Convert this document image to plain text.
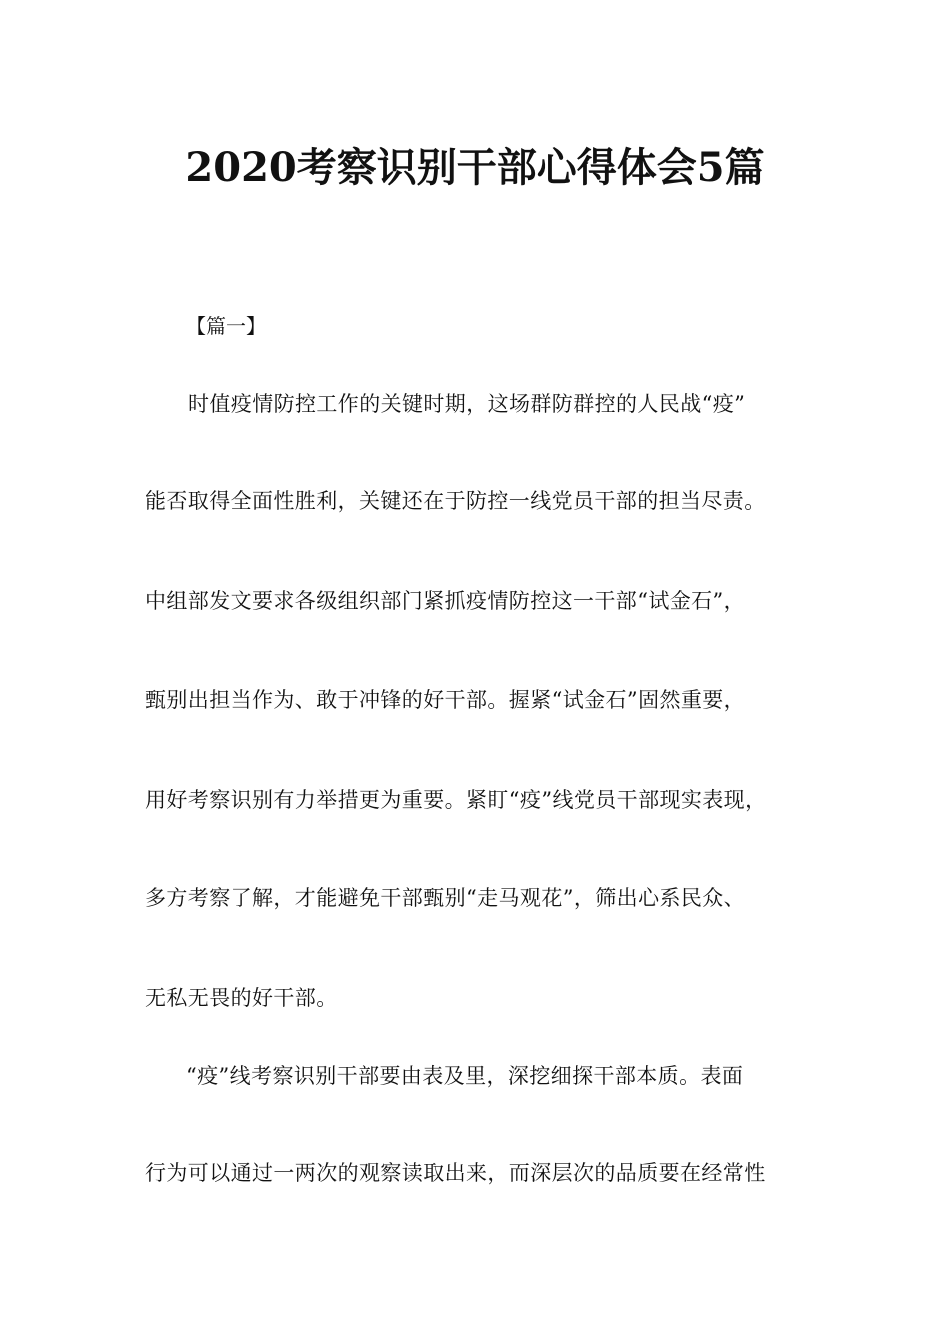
2020考察识别干部心得体会5篇
【篇一】
时值疫情防控工作的关键时期，这场群防群控的人民战“疫”
能否取得全面性胜利，关键还在于防控一线党员干部的担当尽责。
中组部发文要求各级组织部门紧抓疫情防控这一干部“试金石”，
甄别出担当作为、敢于冲锋的好干部。握紧“试金石”固然重要，
用好考察识别有力举措更为重要。紧盯“疫”线党员干部现实表现，
多方考察了解，才能避免干部甄别“走马观花”，筛出心系民众、
无私无畏的好干部。
“疫”线考察识别干部要由表及里，深挖细探干部本质。表面
行为可以通过一两次的观察读取出来，而深层次的品质要在经常性
